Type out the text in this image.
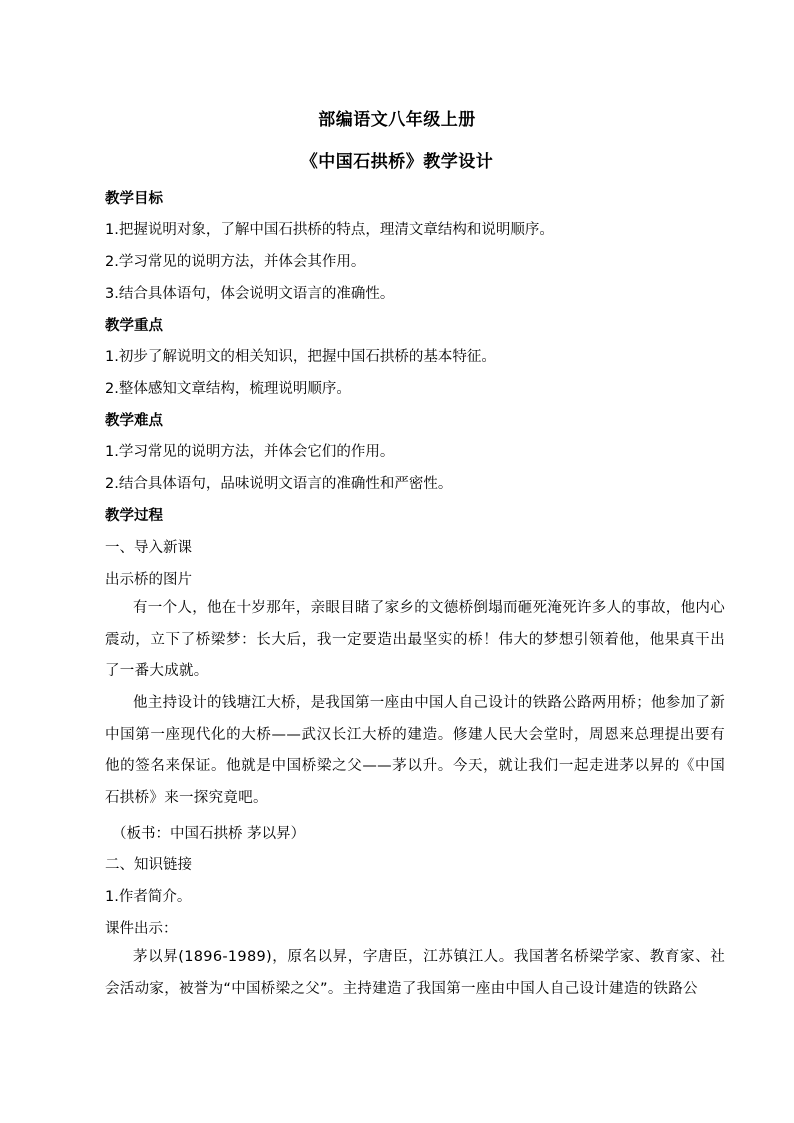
部编语文八年级上册
《中国石拱桥》教学设计
教学目标
1.把握说明对象，了解中国石拱桥的特点，理清文章结构和说明顺序。
2.学习常见的说明方法，并体会其作用。
3.结合具体语句，体会说明文语言的准确性。
教学重点
1.初步了解说明文的相关知识，把握中国石拱桥的基本特征。
2.整体感知文章结构，梳理说明顺序。
教学难点
1.学习常见的说明方法，并体会它们的作用。
2.结合具体语句，品味说明文语言的准确性和严密性。
教学过程
一、导入新课
出示桥的图片
有一个人，他在十岁那年，亲眼目睹了家乡的文德桥倒塌而砸死淹死许多人的事故，他内心震动，立下了桥梁梦：长大后，我一定要造出最坚实的桥！伟大的梦想引领着他，他果真干出了一番大成就。
他主持设计的钱塘江大桥，是我国第一座由中国人自己设计的铁路公路两用桥；他参加了新中国第一座现代化的大桥——武汉长江大桥的建造。修建人民大会堂时，周恩来总理提出要有他的签名来保证。他就是中国桥梁之父——茅以升。今天，就让我们一起走进茅以昇的《中国石拱桥》来一探究竟吧。
（板书：中国石拱桥 茅以昇）
二、知识链接
1.作者简介。
课件出示：
茅以昇(1896-1989)，原名以昇，字唐臣，江苏镇江人。我国著名桥梁学家、教育家、社会活动家，被誉为“中国桥梁之父”。主持建造了我国第一座由中国人自己设计建造的铁路公
